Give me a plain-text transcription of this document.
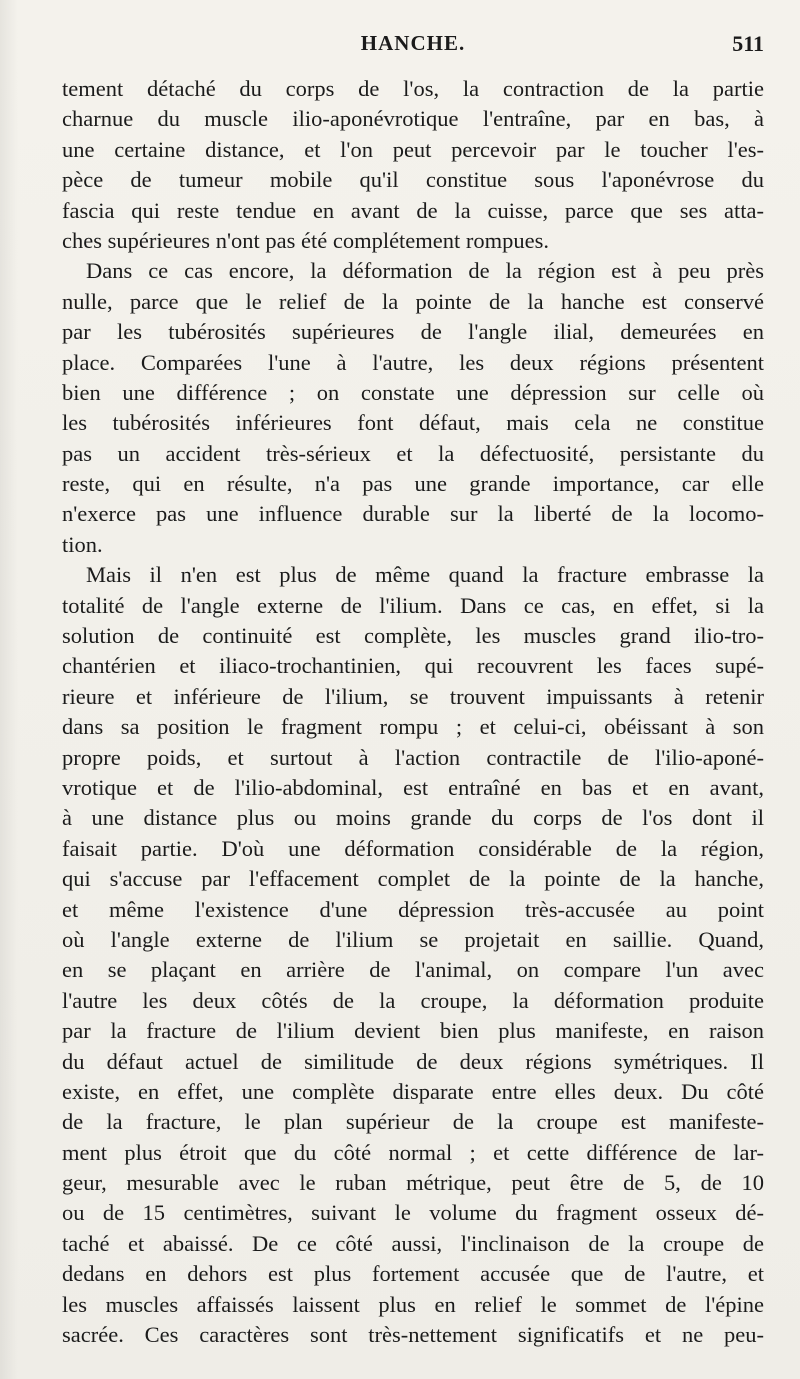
HANCHE.	511
tement détaché du corps de l'os, la contraction de la partie
charnue du muscle ilio-aponévrotique l'entraîne, par en bas, à
une certaine distance, et l'on peut percevoir par le toucher l'es-
pèce de tumeur mobile qu'il constitue sous l'aponévrose du
fascia qui reste tendue en avant de la cuisse, parce que ses atta-
ches supérieures n'ont pas été complétement rompues.
Dans ce cas encore, la déformation de la région est à peu près
nulle, parce que le relief de la pointe de la hanche est conservé
par les tubérosités supérieures de l'angle ilial, demeurées en
place. Comparées l'une à l'autre, les deux régions présentent
bien une différence ; on constate une dépression sur celle où
les tubérosités inférieures font défaut, mais cela ne constitue
pas un accident très-sérieux et la défectuosité, persistante du
reste, qui en résulte, n'a pas une grande importance, car elle
n'exerce pas une influence durable sur la liberté de la locomo-
tion.
Mais il n'en est plus de même quand la fracture embrasse la
totalité de l'angle externe de l'ilium. Dans ce cas, en effet, si la
solution de continuité est complète, les muscles grand ilio-tro-
chantérien et iliaco-trochantinien, qui recouvrent les faces supé-
rieure et inférieure de l'ilium, se trouvent impuissants à retenir
dans sa position le fragment rompu ; et celui-ci, obéissant à son
propre poids, et surtout à l'action contractile de l'ilio-aponé-
vrotique et de l'ilio-abdominal, est entraîné en bas et en avant,
à une distance plus ou moins grande du corps de l'os dont il
faisait partie. D'où une déformation considérable de la région,
qui s'accuse par l'effacement complet de la pointe de la hanche,
et même l'existence d'une dépression très-accusée au point
où l'angle externe de l'ilium se projetait en saillie. Quand,
en se plaçant en arrière de l'animal, on compare l'un avec
l'autre les deux côtés de la croupe, la déformation produite
par la fracture de l'ilium devient bien plus manifeste, en raison
du défaut actuel de similitude de deux régions symétriques. Il
existe, en effet, une complète disparate entre elles deux. Du côté
de la fracture, le plan supérieur de la croupe est manifeste-
ment plus étroit que du côté normal ; et cette différence de lar-
geur, mesurable avec le ruban métrique, peut être de 5, de 10
ou de 15 centimètres, suivant le volume du fragment osseux dé-
taché et abaissé. De ce côté aussi, l'inclinaison de la croupe de
dedans en dehors est plus fortement accusée que de l'autre, et
les muscles affaissés laissent plus en relief le sommet de l'épine
sacrée. Ces caractères sont très-nettement significatifs et ne peu-
